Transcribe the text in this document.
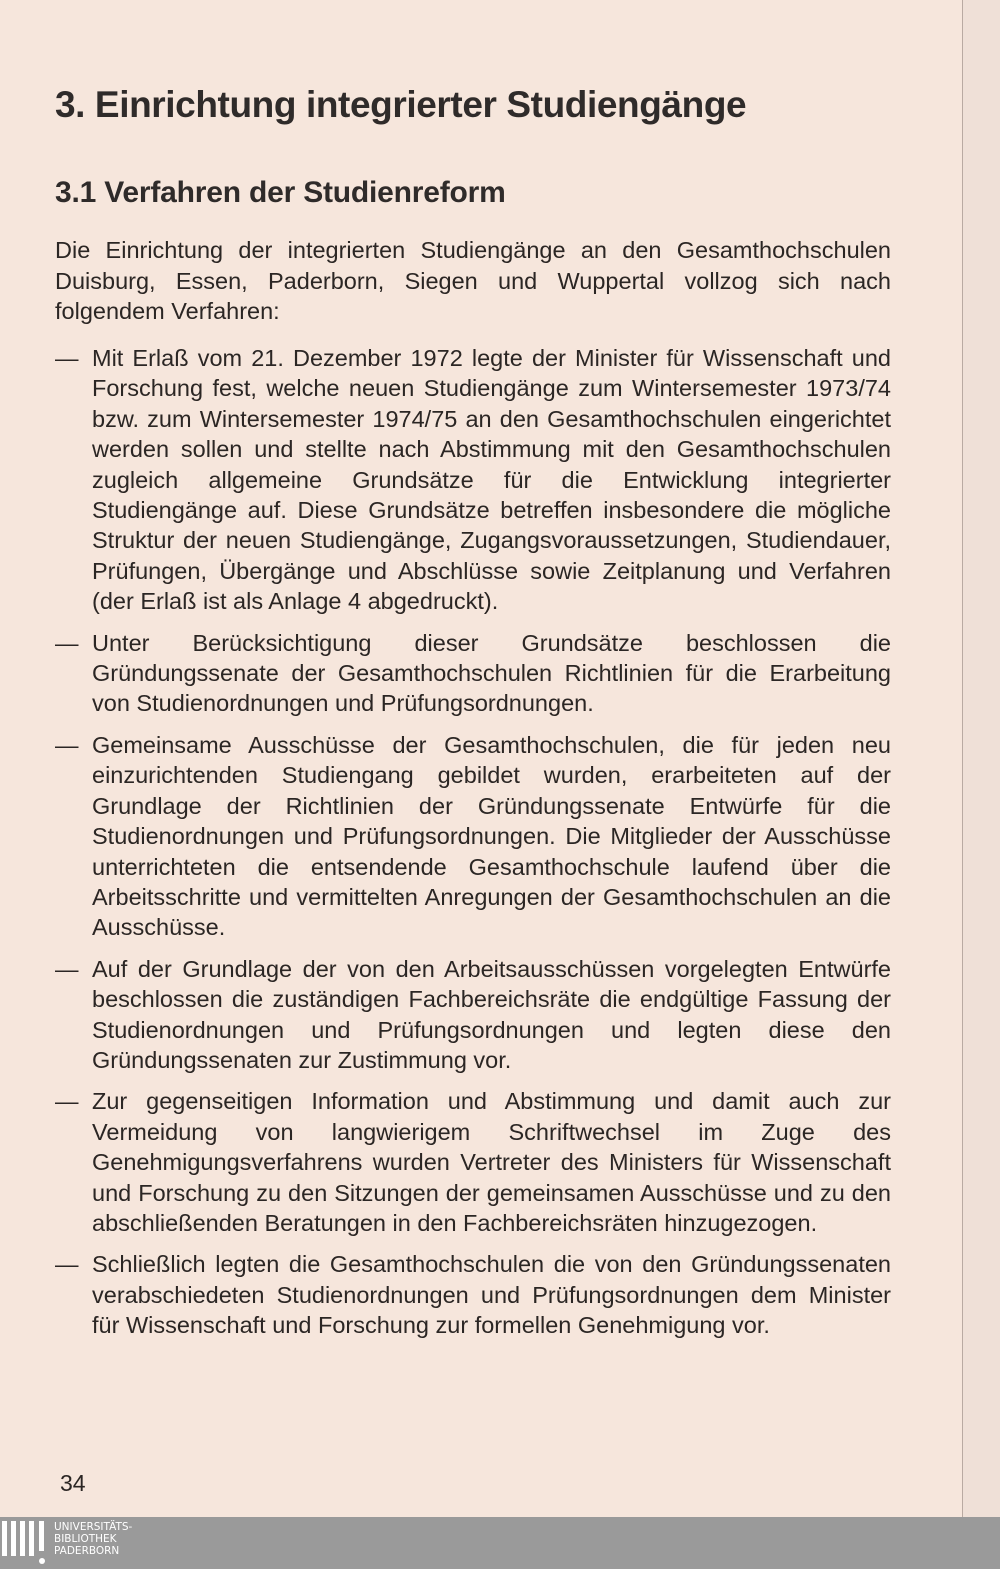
3. Einrichtung integrierter Studiengänge
3.1 Verfahren der Studienreform

Die Einrichtung der integrierten Studiengänge an den Gesamthochschulen Duisburg, Essen, Paderborn, Siegen und Wuppertal vollzog sich nach folgendem Verfahren:

— Mit Erlaß vom 21. Dezember 1972 legte der Minister für Wissenschaft und Forschung fest, welche neuen Studiengänge zum Wintersemester 1973/74 bzw. zum Wintersemester 1974/75 an den Gesamthochschulen eingerichtet werden sollen und stellte nach Abstimmung mit den Gesamthochschulen zugleich allgemeine Grundsätze für die Entwicklung integrierter Studiengänge auf. Diese Grundsätze betreffen insbesondere die mögliche Struktur der neuen Studiengänge, Zugangsvoraussetzungen, Studiendauer, Prüfungen, Übergänge und Abschlüsse sowie Zeitplanung und Verfahren (der Erlaß ist als Anlage 4 abgedruckt).
— Unter Berücksichtigung dieser Grundsätze beschlossen die Gründungssenate der Gesamthochschulen Richtlinien für die Erarbeitung von Studienordnungen und Prüfungsordnungen.
— Gemeinsame Ausschüsse der Gesamthochschulen, die für jeden neu einzurichtenden Studiengang gebildet wurden, erarbeiteten auf der Grundlage der Richtlinien der Gründungssenate Entwürfe für die Studienordnungen und Prüfungsordnungen. Die Mitglieder der Ausschüsse unterrichteten die entsendende Gesamthochschule laufend über die Arbeitsschritte und vermittelten Anregungen der Gesamthochschulen an die Ausschüsse.
— Auf der Grundlage der von den Arbeitsausschüssen vorgelegten Entwürfe beschlossen die zuständigen Fachbereichsräte die endgültige Fassung der Studienordnungen und Prüfungsordnungen und legten diese den Gründungssenaten zur Zustimmung vor.
— Zur gegenseitigen Information und Abstimmung und damit auch zur Vermeidung von langwierigem Schriftwechsel im Zuge des Genehmigungsverfahrens wurden Vertreter des Ministers für Wissenschaft und Forschung zu den Sitzungen der gemeinsamen Ausschüsse und zu den abschließenden Beratungen in den Fachbereichsräten hinzugezogen.
— Schließlich legten die Gesamthochschulen die von den Gründungssenaten verabschiedeten Studienordnungen und Prüfungsordnungen dem Minister für Wissenschaft und Forschung zur formellen Genehmigung vor.
34
UNIVERSITÄTS-
BIBLIOTHEK
PADERBORN
